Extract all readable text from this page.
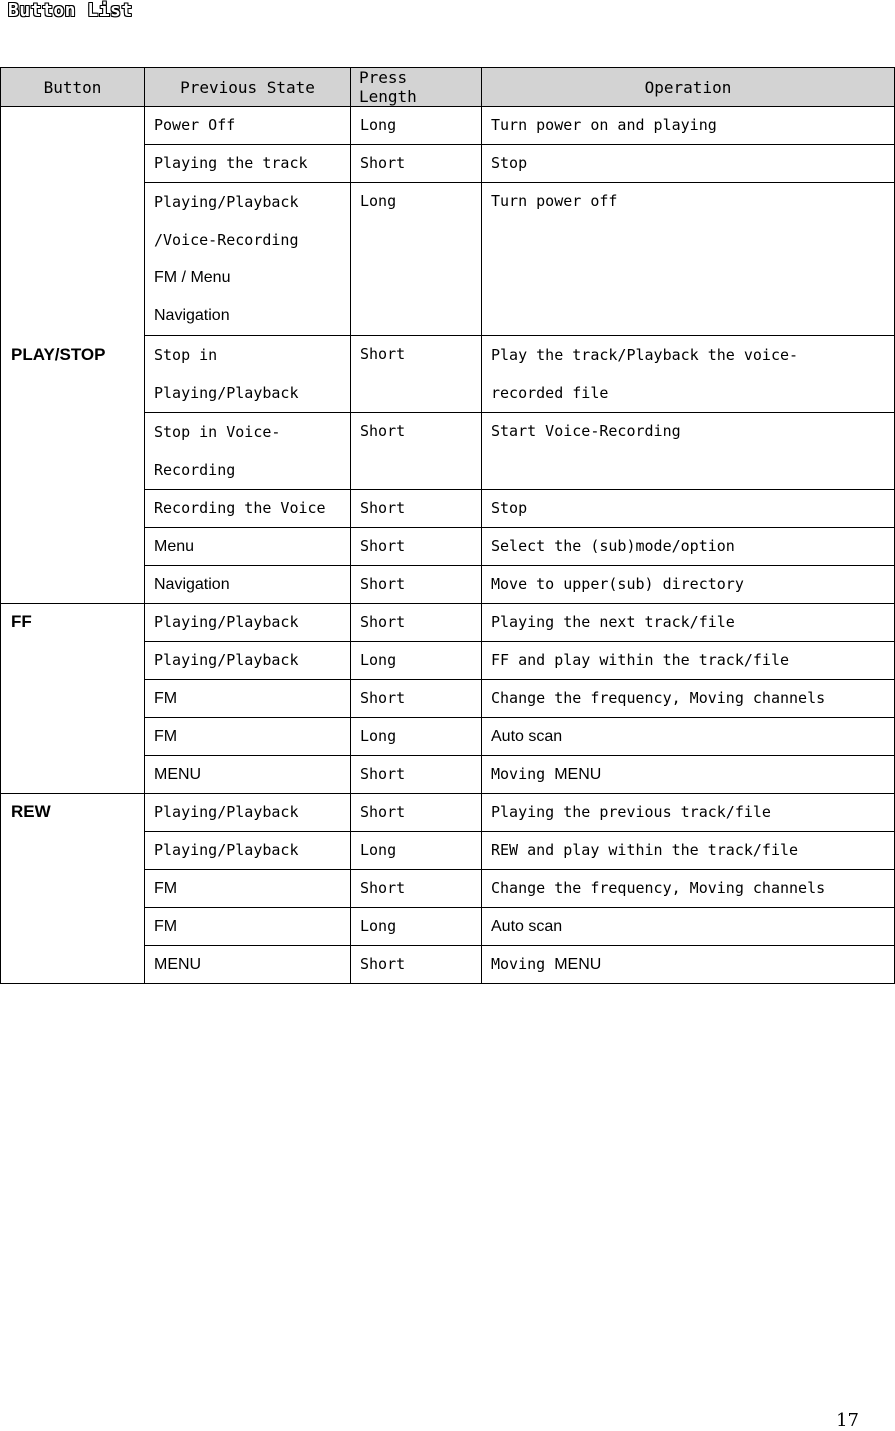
Button List
Button	Previous State	Press Length	Operation
PLAY/STOP	Power Off	Long	Turn power on and playing
	Playing the track	Short	Stop

	Playing/Playback
/Voice-Recording
FM / Menu
Navigation	Long	Turn power off

	Stop in
Playing/Playback	Short	Play the track/Playback the voice-
recorded file

	Stop in Voice-
Recording	Short	Start Voice-Recording
	Recording the Voice	Short	Stop
	Menu	Short	Select the (sub)mode/option
	Navigation	Short	Move to upper(sub) directory
FF	Playing/Playback	Short	Playing the next track/file
	Playing/Playback	Long	FF and play within the track/file
	FM	Short	Change the frequency, Moving channels
	FM	Long	Auto scan
	MENU	Short	Moving MENU
REW	Playing/Playback	Short	Playing the previous track/file
	Playing/Playback	Long	REW and play within the track/file
	FM	Short	Change the frequency, Moving channels
	FM	Long	Auto scan
	MENU	Short	Moving MENU
17
